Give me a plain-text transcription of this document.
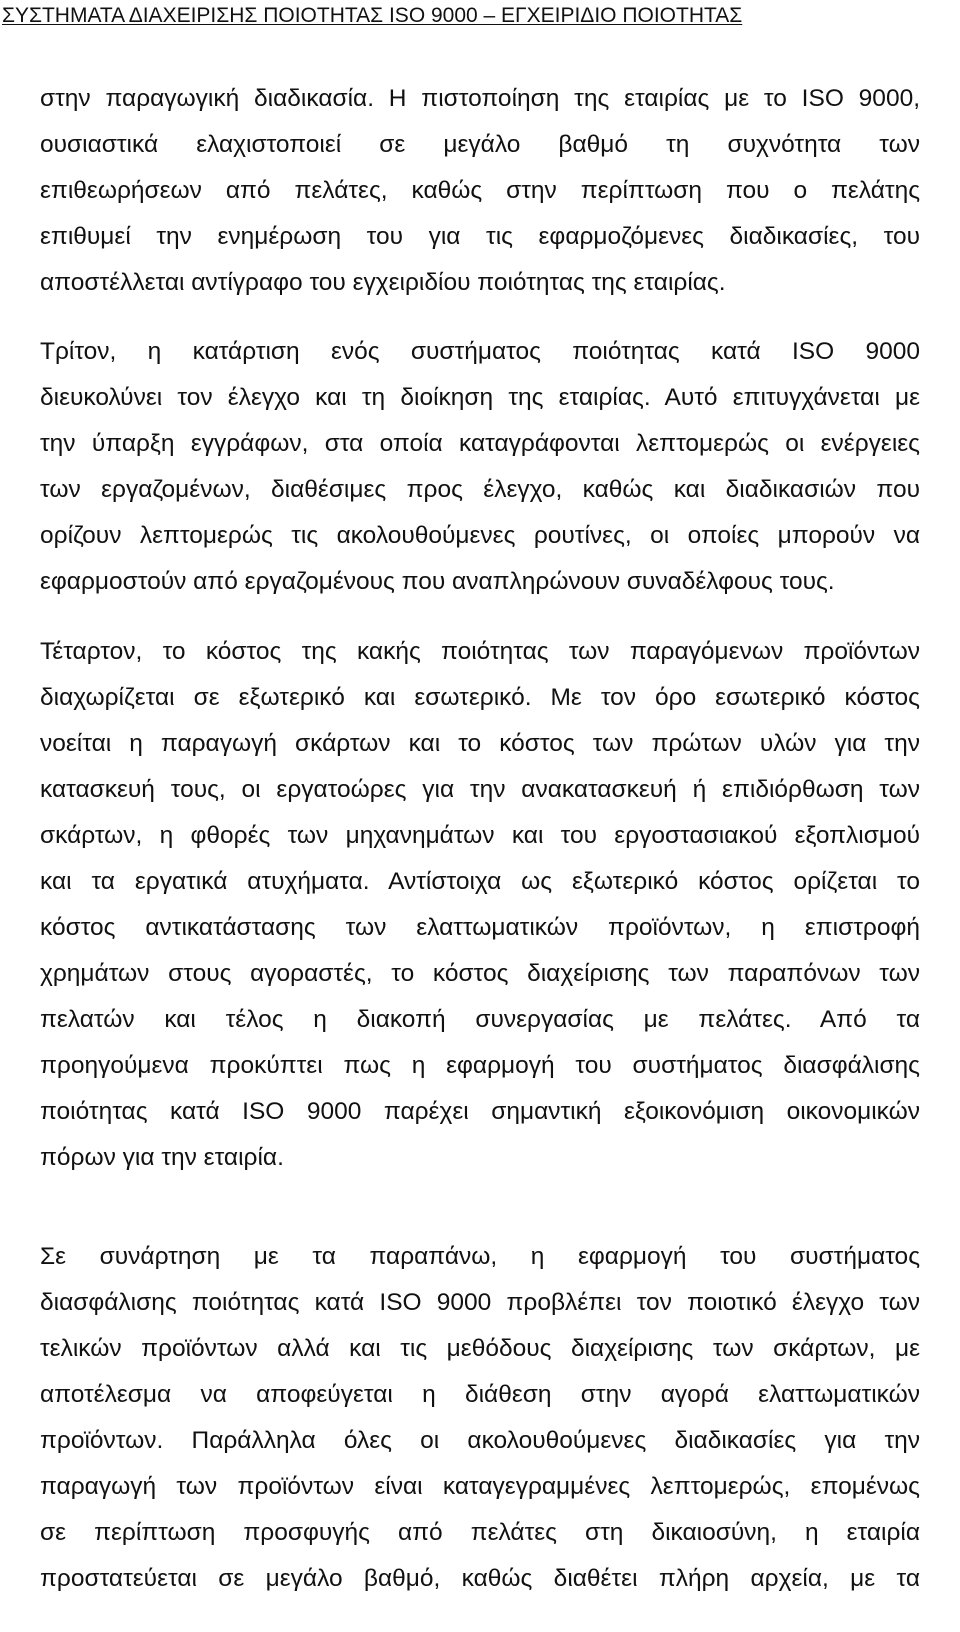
ΣΥΣΤΗΜΑΤΑ ΔΙΑΧΕΙΡΙΣΗΣ ΠΟΙΟΤΗΤΑΣ ISO 9000 – ΕΓΧΕΙΡΙΔΙΟ ΠΟΙΟΤΗΤΑΣ
στην παραγωγική διαδικασία. Η πιστοποίηση της εταιρίας με το ISO 9000,
ουσιαστικά ελαχιστοποιεί σε μεγάλο βαθμό τη συχνότητα των
επιθεωρήσεων από πελάτες, καθώς στην περίπτωση που ο πελάτης
επιθυμεί την ενημέρωση του για τις εφαρμοζόμενες διαδικασίες, του
αποστέλλεται αντίγραφο του εγχειριδίου ποιότητας της εταιρίας.
Τρίτον, η κατάρτιση ενός συστήματος ποιότητας κατά ISO 9000
διευκολύνει τον έλεγχο και τη διοίκηση της εταιρίας. Αυτό επιτυγχάνεται με
την ύπαρξη εγγράφων, στα οποία καταγράφονται λεπτομερώς οι ενέργειες
των εργαζομένων, διαθέσιμες προς έλεγχο, καθώς και διαδικασιών που
ορίζουν λεπτομερώς τις ακολουθούμενες ρουτίνες, οι οποίες μπορούν να
εφαρμοστούν από εργαζομένους που αναπληρώνουν συναδέλφους τους.
Τέταρτον, το κόστος της κακής ποιότητας των παραγόμενων προϊόντων
διαχωρίζεται σε εξωτερικό και εσωτερικό. Με τον όρο εσωτερικό κόστος
νοείται η παραγωγή σκάρτων και το κόστος των πρώτων υλών για την
κατασκευή τους, οι εργατοώρες για την ανακατασκευή ή επιδιόρθωση των
σκάρτων, η φθορές των μηχανημάτων και του εργοστασιακού εξοπλισμού
και τα εργατικά ατυχήματα. Αντίστοιχα ως εξωτερικό κόστος ορίζεται το
κόστος αντικατάστασης των ελαττωματικών προϊόντων, η επιστροφή
χρημάτων στους αγοραστές, το κόστος διαχείρισης των παραπόνων των
πελατών και τέλος η διακοπή συνεργασίας με πελάτες. Από τα
προηγούμενα προκύπτει πως η εφαρμογή του συστήματος διασφάλισης
ποιότητας κατά ISO 9000 παρέχει σημαντική εξοικονόμιση οικονομικών
πόρων για την εταιρία.
Σε συνάρτηση με τα παραπάνω, η εφαρμογή του συστήματος
διασφάλισης ποιότητας κατά ISO 9000 προβλέπει τον ποιοτικό έλεγχο των
τελικών προϊόντων αλλά και τις μεθόδους διαχείρισης των σκάρτων, με
αποτέλεσμα να αποφεύγεται η διάθεση στην αγορά ελαττωματικών
προϊόντων. Παράλληλα όλες οι ακολουθούμενες διαδικασίες για την
παραγωγή των προϊόντων είναι καταγεγραμμένες λεπτομερώς, επομένως
σε περίπτωση προσφυγής από πελάτες στη δικαιοσύνη, η εταιρία
προστατεύεται σε μεγάλο βαθμό, καθώς διαθέτει πλήρη αρχεία, με τα
